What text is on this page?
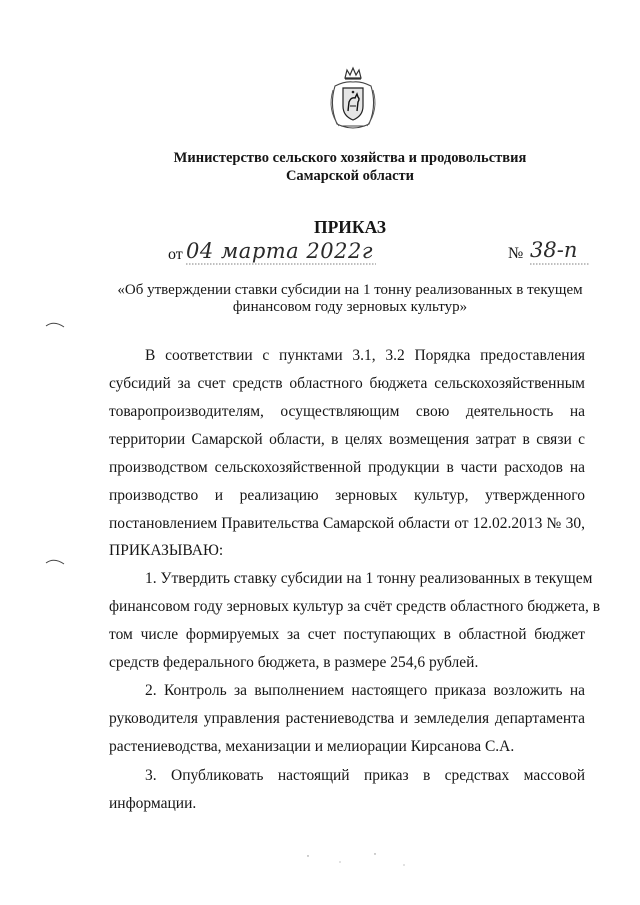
Министерство сельского хозяйства и продовольствия
Самарской области
ПРИКАЗ
от 04 марта 2022г	№ 38-п
«Об утверждении ставки субсидии на 1 тонну реализованных в текущем
финансовом году зерновых культур»
В соответствии с пунктами 3.1, 3.2 Порядка предоставления
субсидий за счет средств областного бюджета сельскохозяйственным
товаропроизводителям, осуществляющим свою деятельность на
территории Самарской области, в целях возмещения затрат в связи с
производством сельскохозяйственной продукции в части расходов на
производство и реализацию зерновых культур, утвержденного
постановлением Правительства Самарской области от 12.02.2013 № 30,
ПРИКАЗЫВАЮ:
1. Утвердить ставку субсидии на 1 тонну реализованных в текущем
финансовом году зерновых культур за счёт средств областного бюджета, в
том числе формируемых за счет поступающих в областной бюджет
средств федерального бюджета, в размере 254,6 рублей.
2. Контроль за выполнением настоящего приказа возложить на
руководителя управления растениеводства и земледелия департамента
растениеводства, механизации и мелиорации Кирсанова С.А.
3. Опубликовать настоящий приказ в средствах массовой
информации.
